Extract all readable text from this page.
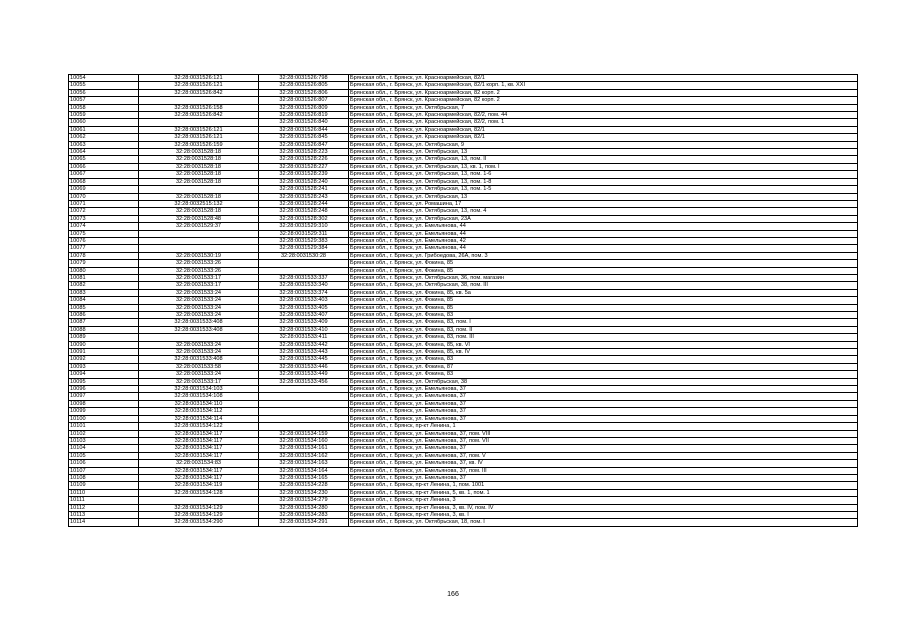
10054	32:28:0031526:121	32:28:0031526:798	Брянская обл., г. Брянск, ул. Красноармейская, 82/1
10055	32:28:0031526:121	32:28:0031526:805	Брянская обл., г. Брянск, ул. Красноармейская, 82/1 корп. 1, кв. XXI
10056	32:28:0031526:842	32:28:0031526:806	Брянская обл., г. Брянск, ул. Красноармейская, 82 корп. 2
10057		32:28:0031526:807	Брянская обл., г. Брянск, ул. Красноармейская, 82 корп. 2
10058	32:28:0031526:158	32:28:0031526:809	Брянская обл., г. Брянск, ул. Октябрьская, 7
10059	32:28:0031526:842	32:28:0031526:819	Брянская обл., г. Брянск, ул. Красноармейская, 82/2, пом. 44
10060		32:28:0031526:840	Брянская обл., г. Брянск, ул. Красноармейская, 82/2, пом. 1
10061	32:28:0031526:121	32:28:0031526:844	Брянская обл., г. Брянск, ул. Красноармейская, 82/1
10062	32:28:0031526:121	32:28:0031526:845	Брянская обл., г. Брянск, ул. Красноармейская, 82/1
10063	32:28:0031526:159	32:28:0031526:847	Брянская обл., г. Брянск, ул. Октябрьская, 9
10064	32:28:0031528:18	32:28:0031528:223	Брянская обл., г. Брянск, ул. Октябрьская, 13
10065	32:28:0031528:18	32:28:0031528:226	Брянская обл., г. Брянск, ул. Октябрьская, 13, пом. II
10066	32:28:0031528:18	32:28:0031528:227	Брянская обл., г. Брянск, ул. Октябрьская, 13, кв. 1, пом. I
10067	32:28:0031528:18	32:28:0031528:239	Брянская обл., г. Брянск, ул. Октябрьская, 13, пом. 1-6
10068	32:28:0031528:18	32:28:0031528:240	Брянская обл., г. Брянск, ул. Октябрьская, 13, пом. 1-8
10069		32:28:0031528:241	Брянская обл., г. Брянск, ул. Октябрьская, 13, пом. 1-5
10070	32:28:0031528:18	32:28:0031528:243	Брянская обл., г. Брянск, ул. Октябрьская, 13
10071	32:28:0032515:132	32:28:0031528:244	Брянская обл., г. Брянск, ул. Ромашина, 17
10072	32:28:0031528:18	32:28:0031528:248	Брянская обл., г. Брянск, ул. Октябрьская, 13, пом. 4
10073	32:28:0031528:48	32:28:0031528:302	Брянская обл., г. Брянск, ул. Октябрьская, 23А
10074	32:28:0031529:37	32:28:0031529:310	Брянская обл., г. Брянск, ул. Емельянова, 44
10075		32:28:0031529:311	Брянская обл., г. Брянск, ул. Емельянова, 44
10076		32:28:0031529:383	Брянская обл., г. Брянск, ул. Емельянова, 42
10077		32:28:0031529:384	Брянская обл., г. Брянск, ул. Емельянова, 44
10078	32:28:0031530:19	32:28:0031530:28	Брянская обл., г. Брянск, ул. Грибоедова, 26А, пом. 3
10079	32:28:0031533:26		Брянская обл., г. Брянск, ул. Фокина, 85
10080	32:28:0031533:26		Брянская обл., г. Брянск, ул. Фокина, 85
10081	32:28:0031533:17	32:28:0031533:337	Брянская обл., г. Брянск, ул. Октябрьская, 36, пом. магазин
10082	32:28:0031533:17	32:28:0031533:340	Брянская обл., г. Брянск, ул. Октябрьская, 38, пом. III
10083	32:28:0031533:24	32:28:0031533:374	Брянская обл., г. Брянск, ул. Фокина, 85, кв. 5а
10084	32:28:0031533:24	32:28:0031533:403	Брянская обл., г. Брянск, ул. Фокина, 85
10085	32:28:0031533:24	32:28:0031533:405	Брянская обл., г. Брянск, ул. Фокина, 85
10086	32:28:0031533:24	32:28:0031533:407	Брянская обл., г. Брянск, ул. Фокина, 83
10087	32:28:0031533:408	32:28:0031533:409	Брянская обл., г. Брянск, ул. Фокина, 83, пом. I
10088	32:28:0031533:408	32:28:0031533:410	Брянская обл., г. Брянск, ул. Фокина, 83, пом. II
10089		32:28:0031533:411	Брянская обл., г. Брянск, ул. Фокина, 83, пом. III
10090	32:28:0031533:24	32:28:0031533:442	Брянская обл., г. Брянск, ул. Фокина, 85, кв. VI
10091	32:28:0031533:24	32:28:0031533:443	Брянская обл., г. Брянск, ул. Фокина, 85, кв. IV
10092	32:28:0031533:408	32:28:0031533:445	Брянская обл., г. Брянск, ул. Фокина, 83
10093	32:28:0031533:58	32:28:0031533:446	Брянская обл., г. Брянск, ул. Фокина, 87
10094	32:28:0031533:24	32:28:0031533:449	Брянская обл., г. Брянск, ул. Фокина, 83
10095	32:28:0031533:17	32:28:0031533:456	Брянская обл., г. Брянск, ул. Октябрьская, 38
10096	32:28:0031534:103		Брянская обл., г. Брянск, ул. Емельянова, 37
10097	32:28:0031534:108		Брянская обл., г. Брянск, ул. Емельянова, 37
10098	32:28:0031534:110		Брянская обл., г. Брянск, ул. Емельянова, 37
10099	32:28:0031534:112		Брянская обл., г. Брянск, ул. Емельянова, 37
10100	32:28:0031534:114		Брянская обл., г. Брянск, ул. Емельянова, 37
10101	32:28:0031534:122		Брянская обл., г. Брянск, пр-кт Ленина, 1
10102	32:28:0031534:117	32:28:0031534:159	Брянская обл., г. Брянск, ул. Емельянова, 37, пом. VIII
10103	32:28:0031534:117	32:28:0031534:160	Брянская обл., г. Брянск, ул. Емельянова, 37, пом. VII
10104	32:28:0031534:117	32:28:0031534:161	Брянская обл., г. Брянск, ул. Емельянова, 37
10105	32:28:0031534:117	32:28:0031534:162	Брянская обл., г. Брянск, ул. Емельянова, 37, пом. V
10106	32:28:0031534:83	32:28:0031534:163	Брянская обл., г. Брянск, ул. Емельянова, 37, кв. IV
10107	32:28:0031534:117	32:28:0031534:164	Брянская обл., г. Брянск, ул. Емельянова, 37, пом. III
10108	32:28:0031534:117	32:28:0031534:165	Брянская обл., г. Брянск, ул. Емельянова, 37
10109	32:28:0031534:119	32:28:0031534:228	Брянская обл., г. Брянск, пр-кт Ленина, 1, пом. 1001
10110	32:28:0031534:128	32:28:0031534:230	Брянская обл., г. Брянск, пр-кт Ленина, 5, кв. 1, пом. 1
10111		32:28:0031534:279	Брянская обл., г. Брянск, пр-кт Ленина, 3
10112	32:28:0031534:129	32:28:0031534:280	Брянская обл., г. Брянск, пр-кт Ленина, 3, кв. IV, пом. IV
10113	32:28:0031534:129	32:28:0031534:283	Брянская обл., г. Брянск, пр-кт Ленина, 3, кв. I
10114	32:28:0031534:290	32:28:0031534:291	Брянская обл., г. Брянск, ул. Октябрьская, 18, пом. I
166
